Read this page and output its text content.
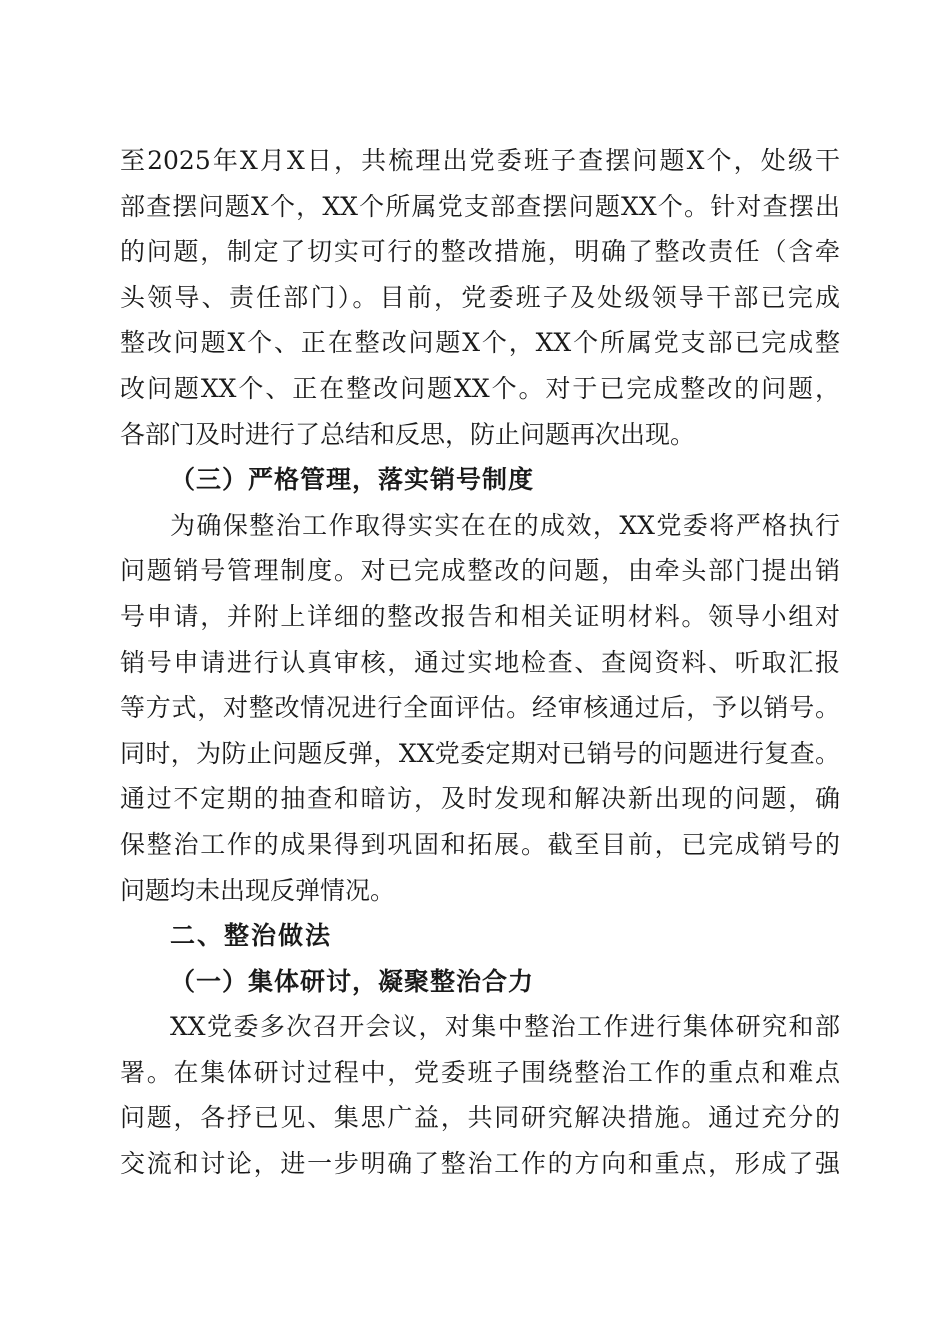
至2025年X月X日，共梳理出党委班子查摆问题X个，处级干
部查摆问题X个，XX个所属党支部查摆问题XX个。针对查摆出
的问题，制定了切实可行的整改措施，明确了整改责任（含牵
头领导、责任部门）。目前，党委班子及处级领导干部已完成
整改问题X个、正在整改问题X个，XX个所属党支部已完成整
改问题XX个、正在整改问题XX个。对于已完成整改的问题，
各部门及时进行了总结和反思，防止问题再次出现。
（三）严格管理，落实销号制度
为确保整治工作取得实实在在的成效，XX党委将严格执行
问题销号管理制度。对已完成整改的问题，由牵头部门提出销
号申请，并附上详细的整改报告和相关证明材料。领导小组对
销号申请进行认真审核，通过实地检查、查阅资料、听取汇报
等方式，对整改情况进行全面评估。经审核通过后，予以销号。
同时，为防止问题反弹，XX党委定期对已销号的问题进行复查。
通过不定期的抽查和暗访，及时发现和解决新出现的问题，确
保整治工作的成果得到巩固和拓展。截至目前，已完成销号的
问题均未出现反弹情况。
二、整治做法
（一）集体研讨，凝聚整治合力
XX党委多次召开会议，对集中整治工作进行集体研究和部
署。在集体研讨过程中，党委班子围绕整治工作的重点和难点
问题，各抒已见、集思广益，共同研究解决措施。通过充分的
交流和讨论，进一步明确了整治工作的方向和重点，形成了强
